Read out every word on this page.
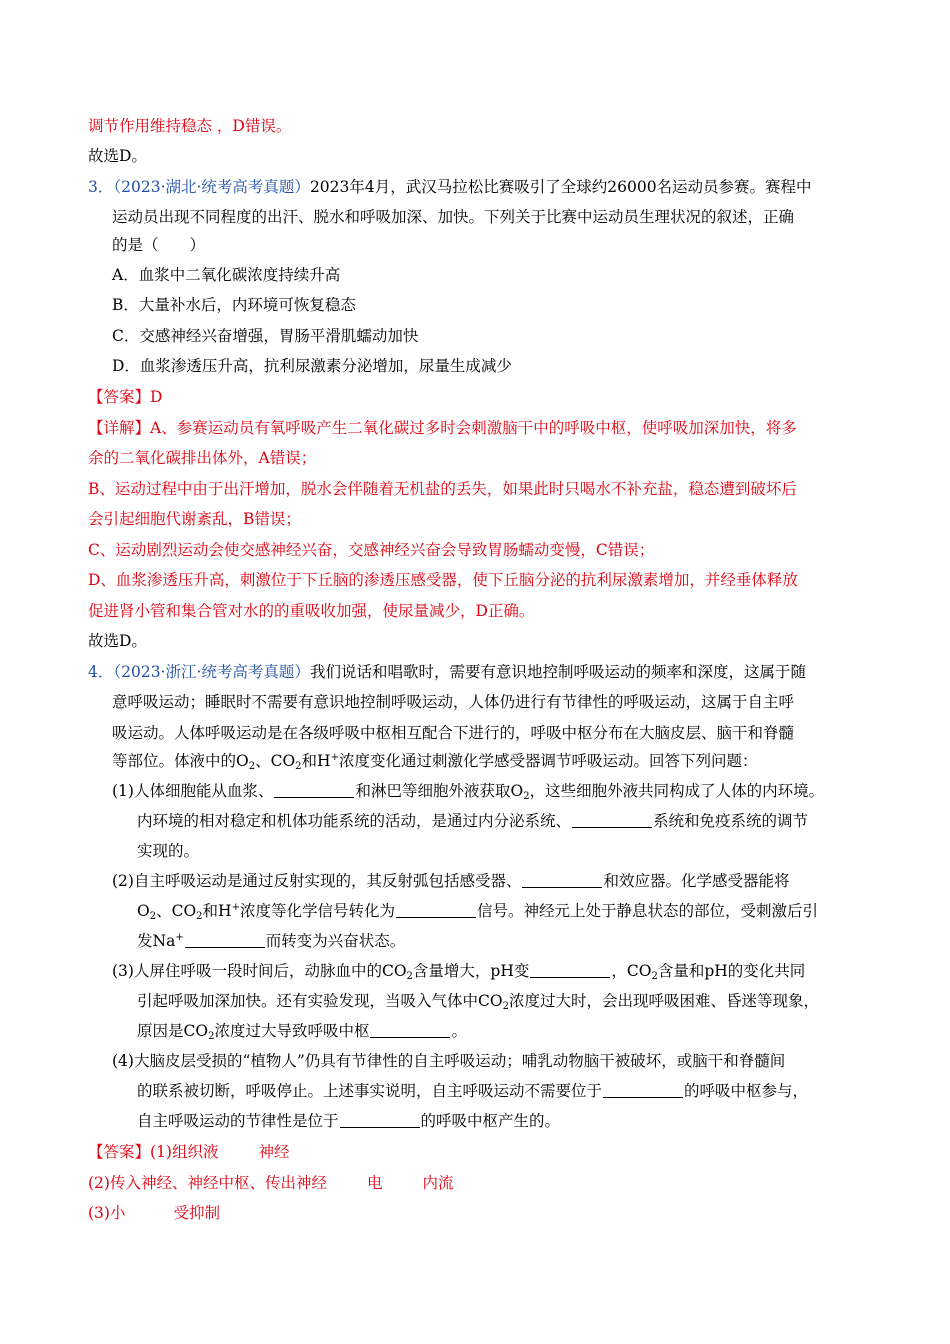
调节作用维持稳态 ，D错误。
故选D。
3．（2023·湖北·统考高考真题）2023年4月，武汉马拉松比赛吸引了全球约26000名运动员参赛。赛程中
运动员出现不同程度的出汗、脱水和呼吸加深、加快。下列关于比赛中运动员生理状况的叙述，正确
的是（　　）
A．血浆中二氧化碳浓度持续升高
B．大量补水后，内环境可恢复稳态
C．交感神经兴奋增强，胃肠平滑肌蠕动加快
D．血浆渗透压升高，抗利尿激素分泌增加，尿量生成减少
【答案】D
【详解】A、参赛运动员有氧呼吸产生二氧化碳过多时会刺激脑干中的呼吸中枢，使呼吸加深加快，将多
余的二氧化碳排出体外，A错误；
B、运动过程中由于出汗增加，脱水会伴随着无机盐的丢失，如果此时只喝水不补充盐，稳态遭到破坏后
会引起细胞代谢紊乱，B错误；
C、运动剧烈运动会使交感神经兴奋，交感神经兴奋会导致胃肠蠕动变慢，C错误；
D、血浆渗透压升高，刺激位于下丘脑的渗透压感受器，使下丘脑分泌的抗利尿激素增加，并经垂体释放
促进肾小管和集合管对水的的重吸收加强，使尿量减少，D正确。
故选D。
4．（2023·浙江·统考高考真题）我们说话和唱歌时，需要有意识地控制呼吸运动的频率和深度，这属于随
意呼吸运动；睡眠时不需要有意识地控制呼吸运动，人体仍进行有节律性的呼吸运动，这属于自主呼
吸运动。人体呼吸运动是在各级呼吸中枢相互配合下进行的，呼吸中枢分布在大脑皮层、脑干和脊髓
等部位。体液中的$O_2$、$CO_2$和H+浓度变化通过刺激化学感受器调节呼吸运动。回答下列问题：
(1)人体细胞能从血浆、	和淋巴等细胞外液获取$O_2$，这些细胞外液共同构成了人体的内环境。
内环境的相对稳定和机体功能系统的活动，是通过内分泌系统、	系统和免疫系统的调节
实现的。
(2)自主呼吸运动是通过反射实现的，其反射弧包括感受器、	和效应器。化学感受器能将
$O_2$、$CO_2$和H+浓度等化学信号转化为	信号。神经元上处于静息状态的部位，受刺激后引
发Na+	而转变为兴奋状态。
(3)人屏住呼吸一段时间后，动脉血中的$CO_2$含量增大，pH变	，$CO_2$含量和pH的变化共同
引起呼吸加深加快。还有实验发现，当吸入气体中$CO_2$浓度过大时，会出现呼吸困难、昏迷等现象，
原因是$CO_2$浓度过大导致呼吸中枢	。
(4)大脑皮层受损的“植物人”仍具有节律性的自主呼吸运动；哺乳动物脑干被破坏，或脑干和脊髓间
的联系被切断，呼吸停止。上述事实说明，自主呼吸运动不需要位于	的呼吸中枢参与，
自主呼吸运动的节律性是位于	的呼吸中枢产生的。
【答案】(1)组织液	神经
(2)传入神经、神经中枢、传出神经	电	内流
(3)小	受抑制
